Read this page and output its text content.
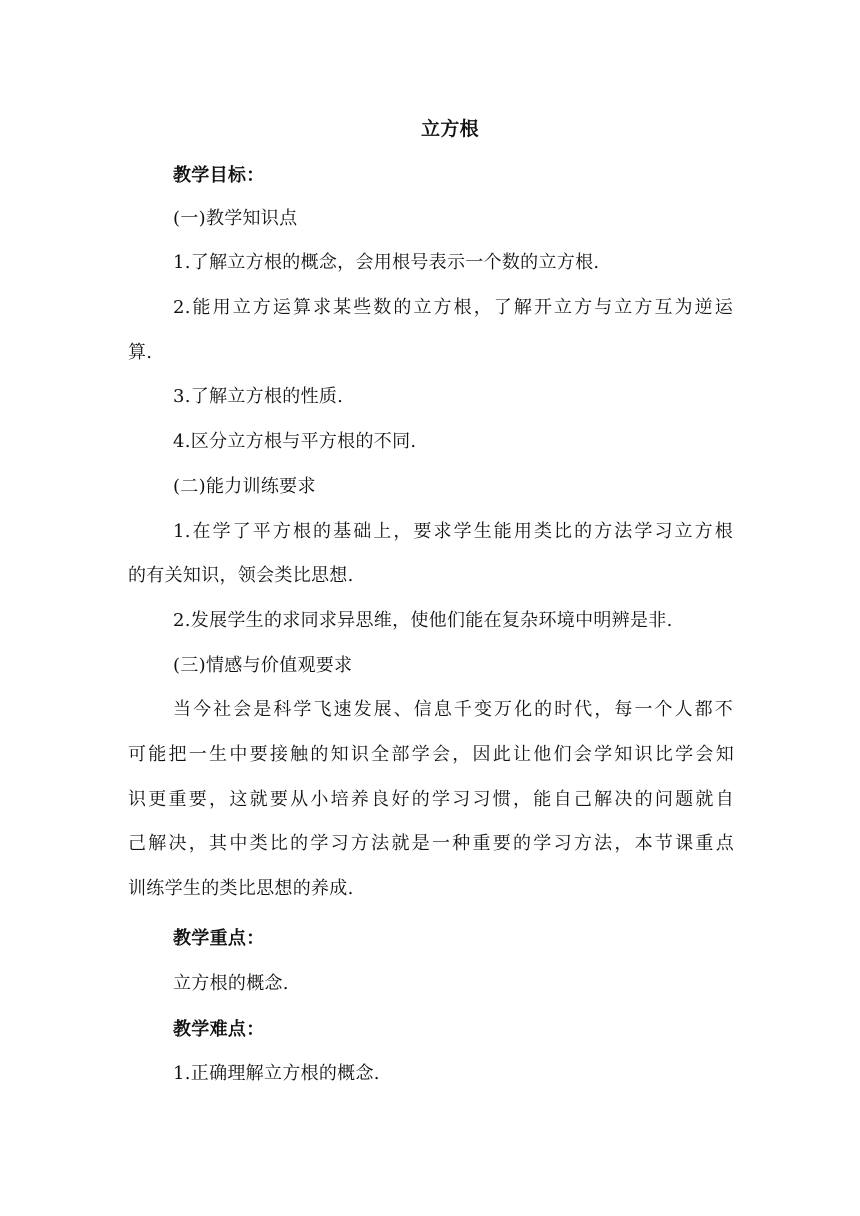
立方根
教学目标：
(一)教学知识点
1.了解立方根的概念，会用根号表示一个数的立方根.
2.能用立方运算求某些数的立方根，了解开立方与立方互为逆运
算.
3.了解立方根的性质.
4.区分立方根与平方根的不同.
(二)能力训练要求
1.在学了平方根的基础上，要求学生能用类比的方法学习立方根
的有关知识，领会类比思想.
2.发展学生的求同求异思维，使他们能在复杂环境中明辨是非.
(三)情感与价值观要求
当今社会是科学飞速发展、信息千变万化的时代，每一个人都不
可能把一生中要接触的知识全部学会，因此让他们会学知识比学会知
识更重要，这就要从小培养良好的学习习惯，能自己解决的问题就自
己解决，其中类比的学习方法就是一种重要的学习方法，本节课重点
训练学生的类比思想的养成.
教学重点：
立方根的概念.
教学难点：
1.正确理解立方根的概念.
